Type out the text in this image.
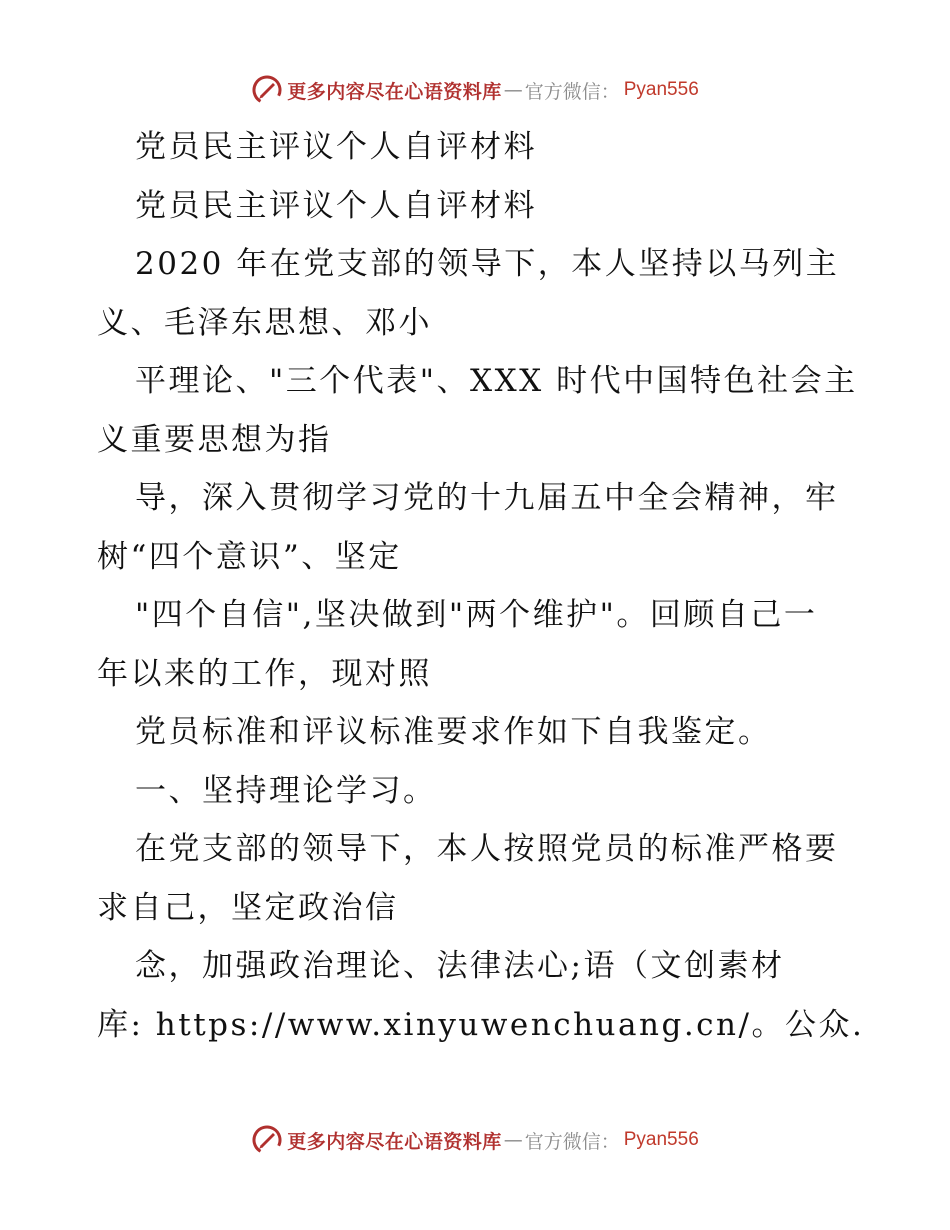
更多内容尽在心语资料库 — 官方微信： Pyan556
党员民主评议个人自评材料
党员民主评议个人自评材料
2020 年在党支部的领导下，本人坚持以马列主
义、毛泽东思想、邓小
平理论、"三个代表"、XXX 时代中国特色社会主
义重要思想为指
导，深入贯彻学习党的十九届五中全会精神，牢
树“四个意识”、坚定
"四个自信",坚决做到"两个维护"。回顾自己一
年以来的工作，现对照
党员标准和评议标准要求作如下自我鉴定。
一、坚持理论学习。
在党支部的领导下，本人按照党员的标准严格要
求自己，坚定政治信
念，加强政治理论、法律法心;语（文创素材
库: https://www.xinyuwenchuang.cn/。公众.
更多内容尽在心语资料库 — 官方微信： Pyan556
